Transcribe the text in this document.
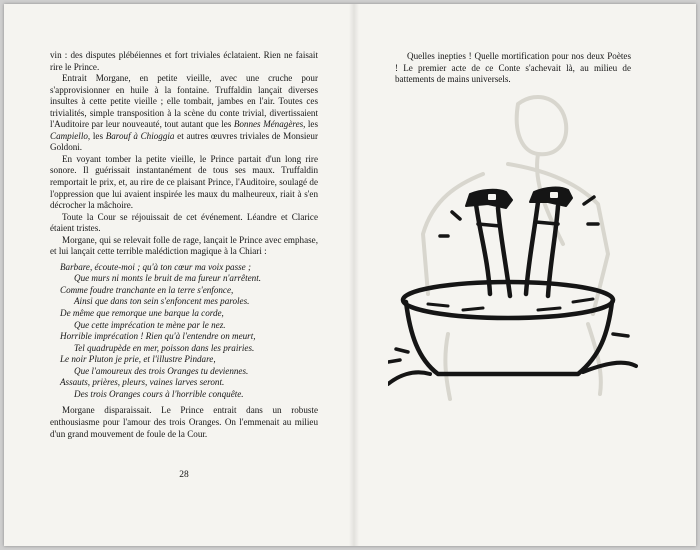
vin : des disputes plébéiennes et fort triviales éclataient. Rien ne faisait rire le Prince.

Entrait Morgane, en petite vieille, avec une cruche pour s'approvisionner en huile à la fontaine. Truffaldin lançait diverses insultes à cette petite vieille ; elle tombait, jambes en l'air. Toutes ces trivialités, simple transposition à la scène du conte trivial, divertissaient l'Auditoire par leur nouveauté, tout autant que les Bonnes Ménagères, les Campiello, les Barouf à Chioggia et autres œuvres triviales de Monsieur Goldoni.

En voyant tomber la petite vieille, le Prince partait d'un long rire sonore. Il guérissait instantanément de tous ses maux. Truffaldin remportait le prix, et, au rire de ce plaisant Prince, l'Auditoire, soulagé de l'oppression que lui avaient inspirée les maux du malheureux, riait à s'en décrocher la mâchoire.

Toute la Cour se réjouissait de cet événement. Léandre et Clarice étaient tristes.

Morgane, qui se relevait folle de rage, lançait le Prince avec emphase, et lui lançait cette terrible malédiction magique à la Chiari :

Barbare, écoute-moi ; qu'à ton cœur ma voix passe ;
Que murs ni monts le bruit de ma fureur n'arrêtent.
Comme foudre tranchante en la terre s'enfonce,
Ainsi que dans ton sein s'enfoncent mes paroles.
De même que remorque une barque la corde,
Que cette imprécation te mène par le nez.
Horrible imprécation ! Rien qu'à l'entendre on meurt,
Tel quadrupède en mer, poisson dans les prairies.
Le noir Pluton je prie, et l'illustre Pindare,
Que l'amoureux des trois Oranges tu deviennes.
Assauts, prières, pleurs, vaines larves seront.
Des trois Oranges cours à l'horrible conquête.

Morgane disparaissait. Le Prince entrait dans un robuste enthousiasme pour l'amour des trois Oranges. On l'emmenait au milieu d'un grand mouvement de foule de la Cour.

28

Quelles inepties ! Quelle mortification pour nos deux Poètes ! Le premier acte de ce Conte s'achevait là, au milieu de battements de mains universels.
